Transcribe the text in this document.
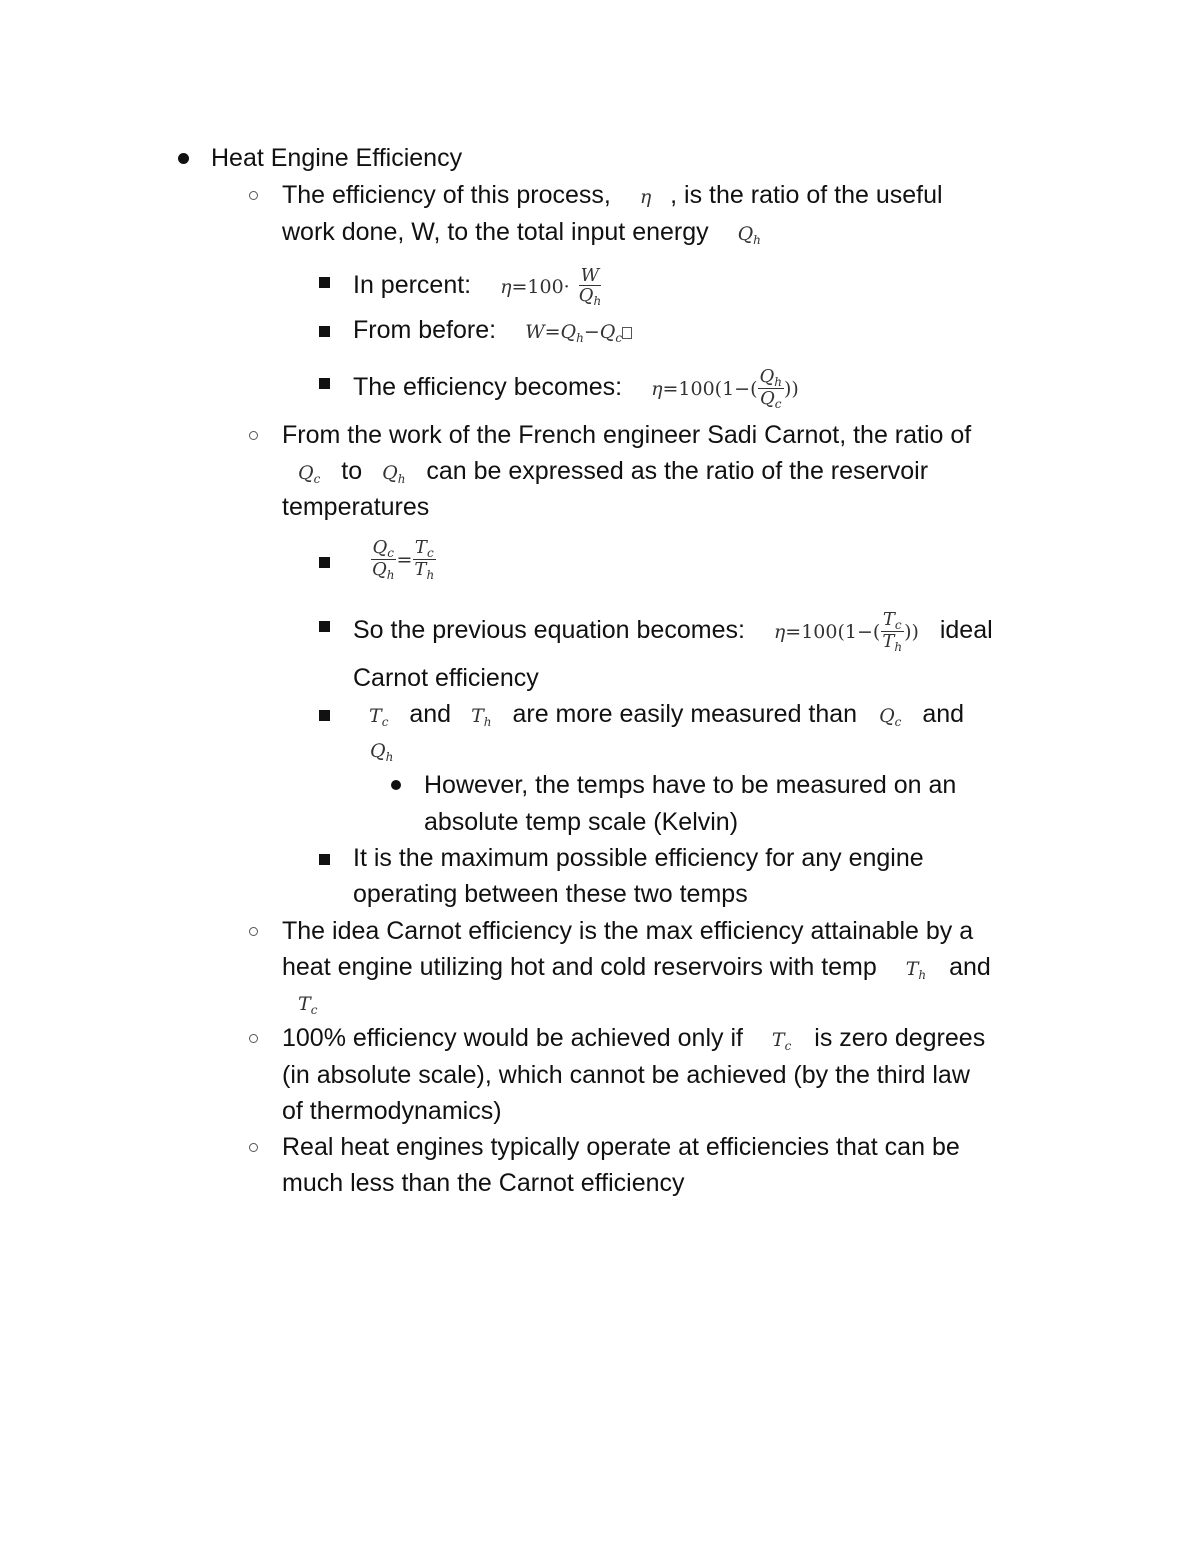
Heat Engine Efficiency
The efficiency of this process, η , is the ratio of the useful
work done, W, to the total input energy $Q_h$
In percent: $\eta=100\cdot \frac{W}{Q_h}$
From before: $W=Q_h-Q_c$
The efficiency becomes: $\eta=100(1-( \frac{Q_h}{Q_c}$ ))
From the work of the French engineer Sadi Carnot, the ratio of
$Q_c$ to $Q_h$ can be expressed as the ratio of the reservoir
temperatures
$\frac{Q_c}{Q_h} = \frac{T_c}{T_h}$
So the previous equation becomes: $\eta=100(1-( \frac{T_c}{T_h}$ )) ideal
Carnot efficiency
$T_c$ and $T_h$ are more easily measured than $Q_c$ and
$Q_h$
However, the temps have to be measured on an
absolute temp scale (Kelvin)
It is the maximum possible efficiency for any engine
operating between these two temps
The idea Carnot efficiency is the max efficiency attainable by a
heat engine utilizing hot and cold reservoirs with temp $T_h$ and
$T_c$
100% efficiency would be achieved only if $T_c$ is zero degrees
(in absolute scale), which cannot be achieved (by the third law
of thermodynamics)
Real heat engines typically operate at efficiencies that can be
much less than the Carnot efficiency
